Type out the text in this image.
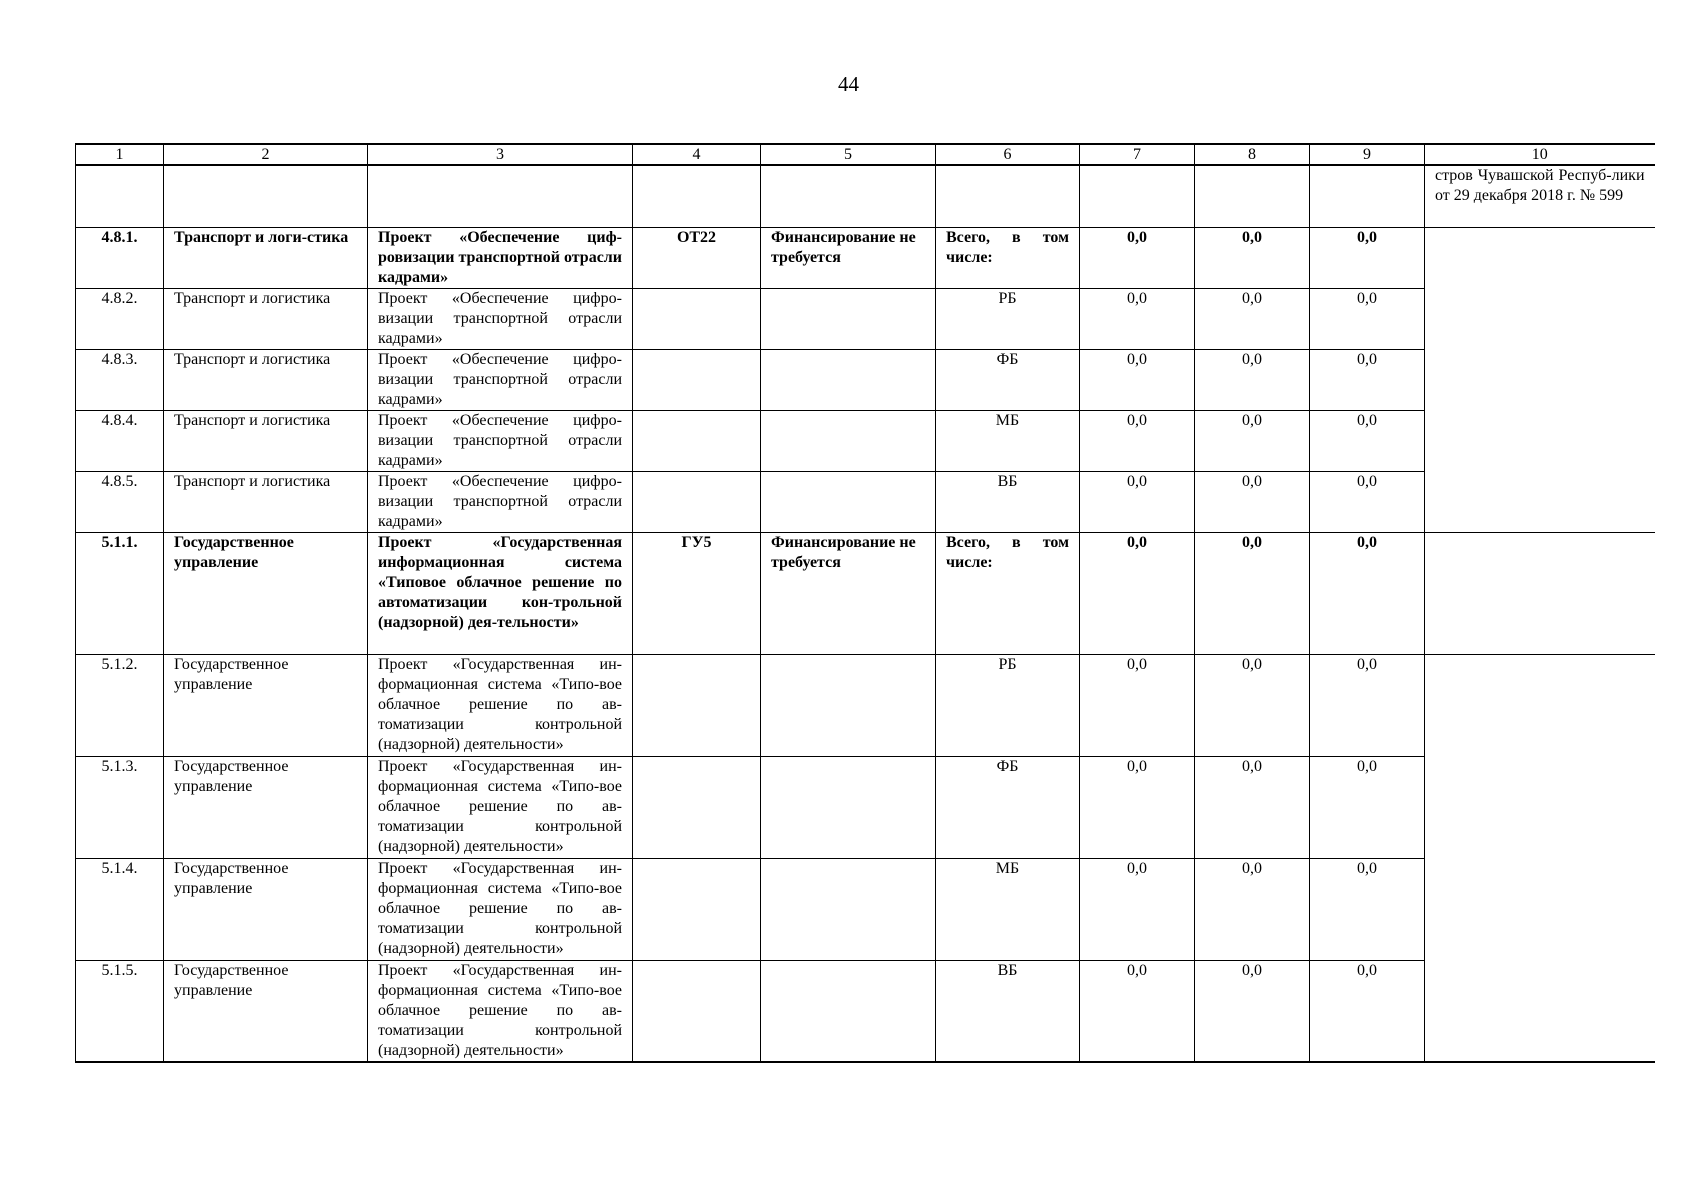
44
1	2	3	4	5	6	7	8	9	10
									стров Чувашской Респуб-лики от 29 декабря 2018 г. № 599
4.8.1.	Транспорт и логи-стика	Проект «Обеспечение циф-ровизации транспортной отрасли кадрами»	ОТ22	Финансирование не требуется	Всего, в том числе:	0,0	0,0	0,0	
4.8.2.	Транспорт и логистика	Проект «Обеспечение цифро-визации транспортной отрасли кадрами»			РБ	0,0	0,0	0,0	
4.8.3.	Транспорт и логистика	Проект «Обеспечение цифро-визации транспортной отрасли кадрами»			ФБ	0,0	0,0	0,0	
4.8.4.	Транспорт и логистика	Проект «Обеспечение цифро-визации транспортной отрасли кадрами»			МБ	0,0	0,0	0,0	
4.8.5.	Транспорт и логистика	Проект «Обеспечение цифро-визации транспортной отрасли кадрами»			ВБ	0,0	0,0	0,0	
5.1.1.	Государственное управление	Проект «Государственная информационная система «Типовое облачное решение по автоматизации кон-трольной (надзорной) дея-тельности»	ГУ5	Финансирование не требуется	Всего, в том числе:	0,0	0,0	0,0	
5.1.2.	Государственное управление	Проект «Государственная ин-формационная система «Типо-вое облачное решение по ав-томатизации контрольной (надзорной) деятельности»			РБ	0,0	0,0	0,0	
5.1.3.	Государственное управление	Проект «Государственная ин-формационная система «Типо-вое облачное решение по ав-томатизации контрольной (надзорной) деятельности»			ФБ	0,0	0,0	0,0	
5.1.4.	Государственное управление	Проект «Государственная ин-формационная система «Типо-вое облачное решение по ав-томатизации контрольной (надзорной) деятельности»			МБ	0,0	0,0	0,0	
5.1.5.	Государственное управление	Проект «Государственная ин-формационная система «Типо-вое облачное решение по ав-томатизации контрольной (надзорной) деятельности»			ВБ	0,0	0,0	0,0	
